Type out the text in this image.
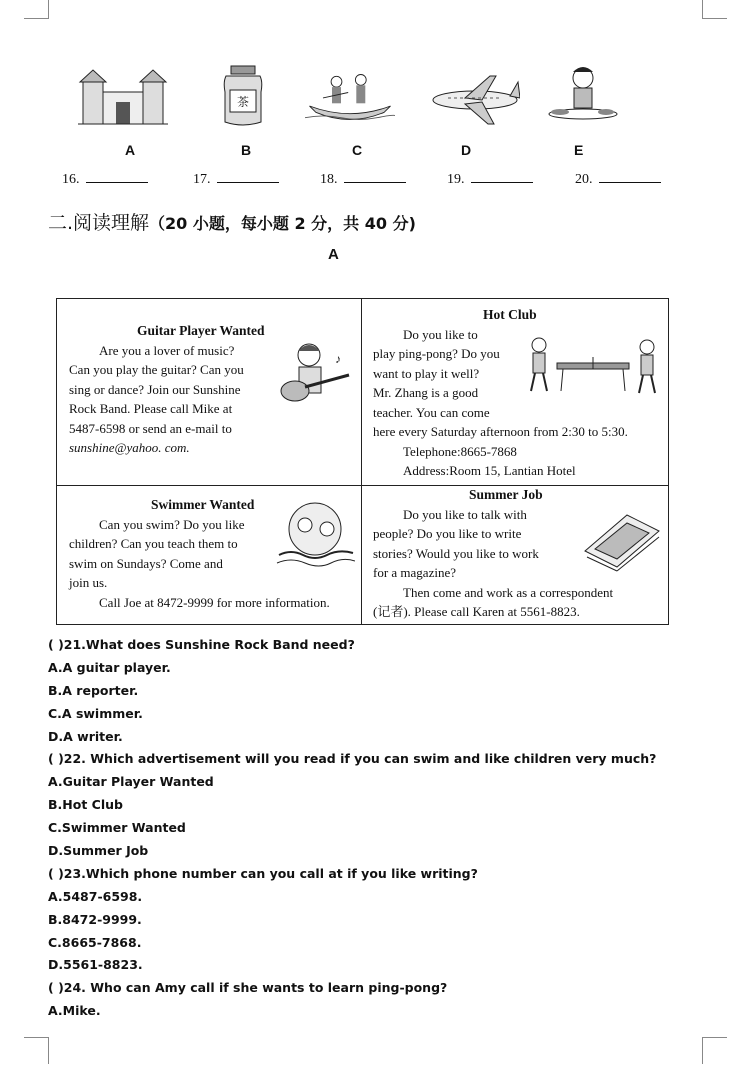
茶
A	B	C	D	E
16.	17.	18.	19.	20.
二.阅读理解（20 小题，每小题 2 分，共 40 分)
A

Guitar Player Wanted

Are you a lover of music?

Can you play the guitar? Can you

sing or dance? Join our Sunshine

Rock Band. Please call Mike at

5487-6598 or send an e-mail to

sunshine@yahoo. com.

♪

Hot Club

Do you like to

play ping-pong? Do you

want to play it well?

Mr. Zhang is a good

teacher. You can come

here every Saturday afternoon from 2:30 to 5:30.

Telephone:8665-7868

Address:Room 15, Lantian Hotel

Swimmer Wanted

Can you swim? Do you like

children? Can you teach them to

swim on Sundays? Come and

join us.

Call Joe at 8472-9999 for more information.

Summer Job

Do you like to talk with

people? Do you like to write

stories? Would you like to work

for a magazine?

Then come and work as a correspondent

(记者). Please call Karen at 5561-8823.

( )21.What does Sunshine Rock Band need?
A.A guitar player.
B.A reporter.
C.A swimmer.
D.A writer.
( )22. Which advertisement will you read if you can swim and like children very much?
A.Guitar Player Wanted
B.Hot Club
C.Swimmer Wanted
D.Summer Job
( )23.Which phone number can you call at if you like writing?
A.5487-6598.
B.8472-9999.
C.8665-7868.
D.5561-8823.
( )24. Who can Amy call if she wants to learn ping-pong?
A.Mike.
